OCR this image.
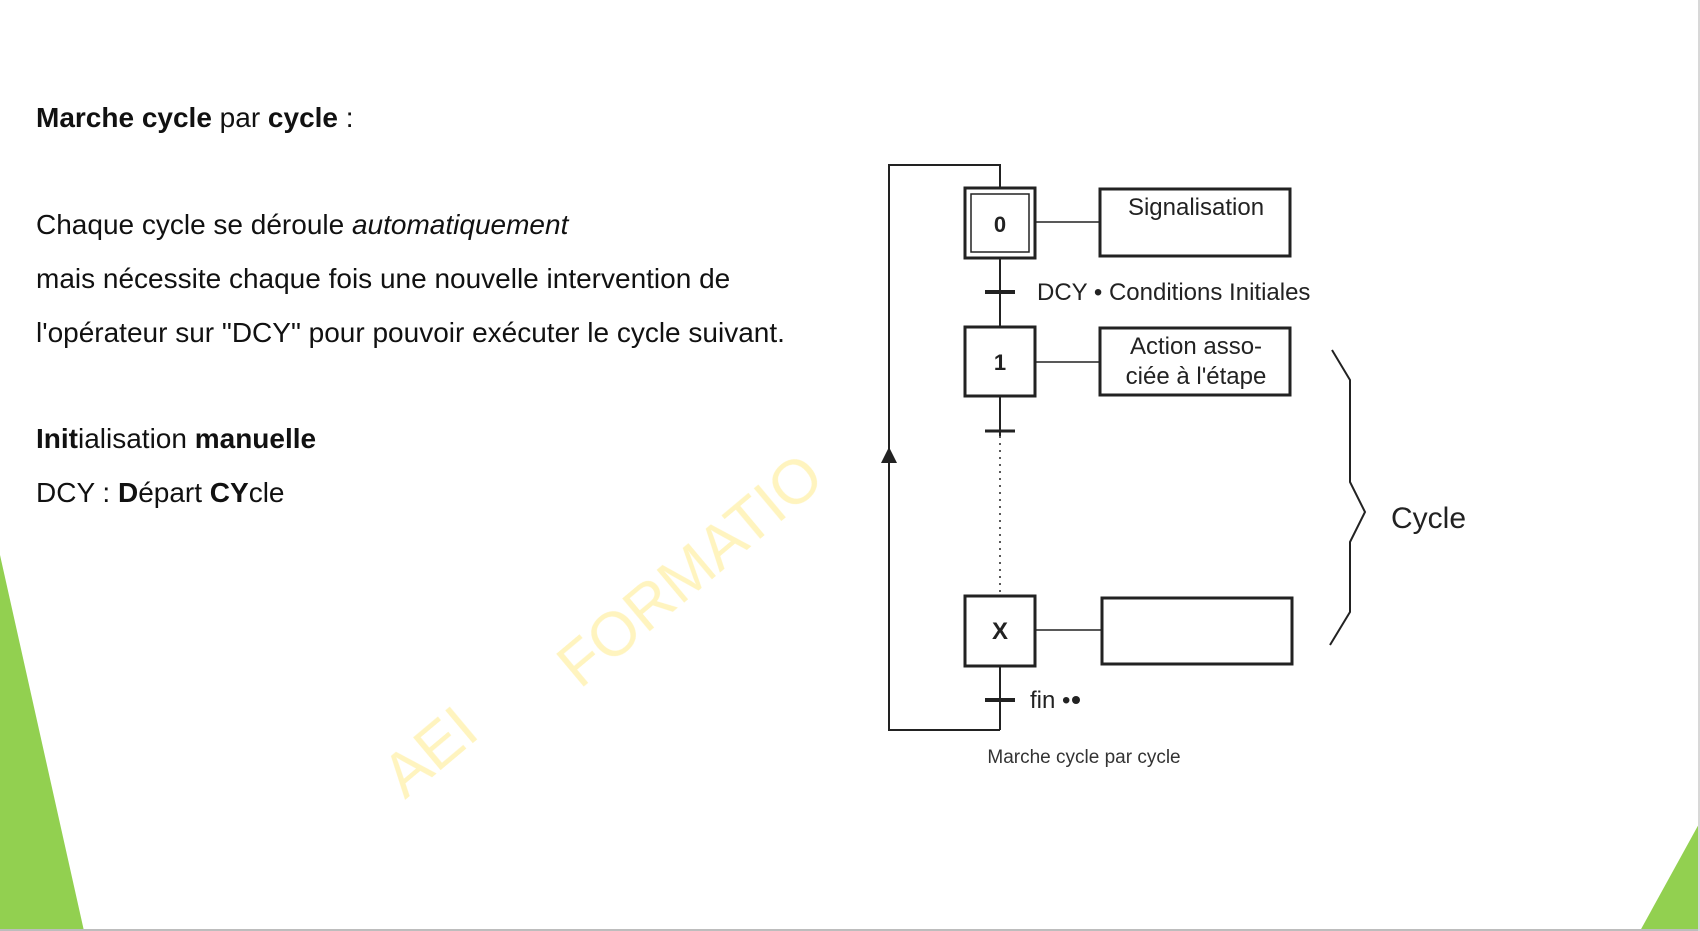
Marche cycle par cycle :
Chaque cycle se déroule automatiquement
mais nécessite chaque fois une nouvelle intervention de
l'opérateur sur "DCY" pour pouvoir exécuter le cycle suivant.
Initialisation manuelle
DCY : Départ CYcle
AEI
FORMATIO
0
1
X
Signalisation
Action asso-
ciée à l'étape
DCY • Conditions Initiales
fin •
Cycle
Marche cycle par cycle
